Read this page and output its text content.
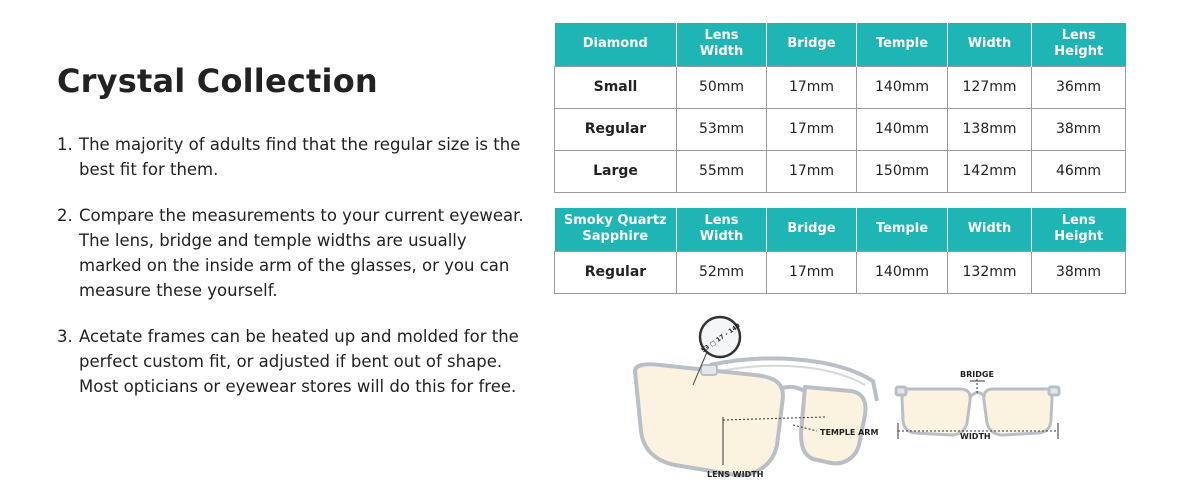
Crystal Collection
1. The majority of adults find that the regular size is the best fit for them.
2. Compare the measurements to your current eyewear. The lens, bridge and temple widths are usually marked on the inside arm of the glasses, or you can measure these yourself.
3. Acetate frames can be heated up and molded for the perfect custom fit, or adjusted if bent out of shape. Most opticians or eyewear stores will do this for free.
Diamond	Lens Width	Bridge	Temple	Width	Lens Height
Small	50mm	17mm	140mm	127mm	36mm
Regular	53mm	17mm	140mm	138mm	38mm
Large	55mm	17mm	150mm	142mm	46mm
Smoky Quartz Sapphire	Lens Width	Bridge	Temple	Width	Lens Height
Regular	52mm	17mm	140mm	132mm	38mm
TEMPLE ARM
LENS WIDTH
53 □ 17 - 140
BRIDGE
WIDTH
